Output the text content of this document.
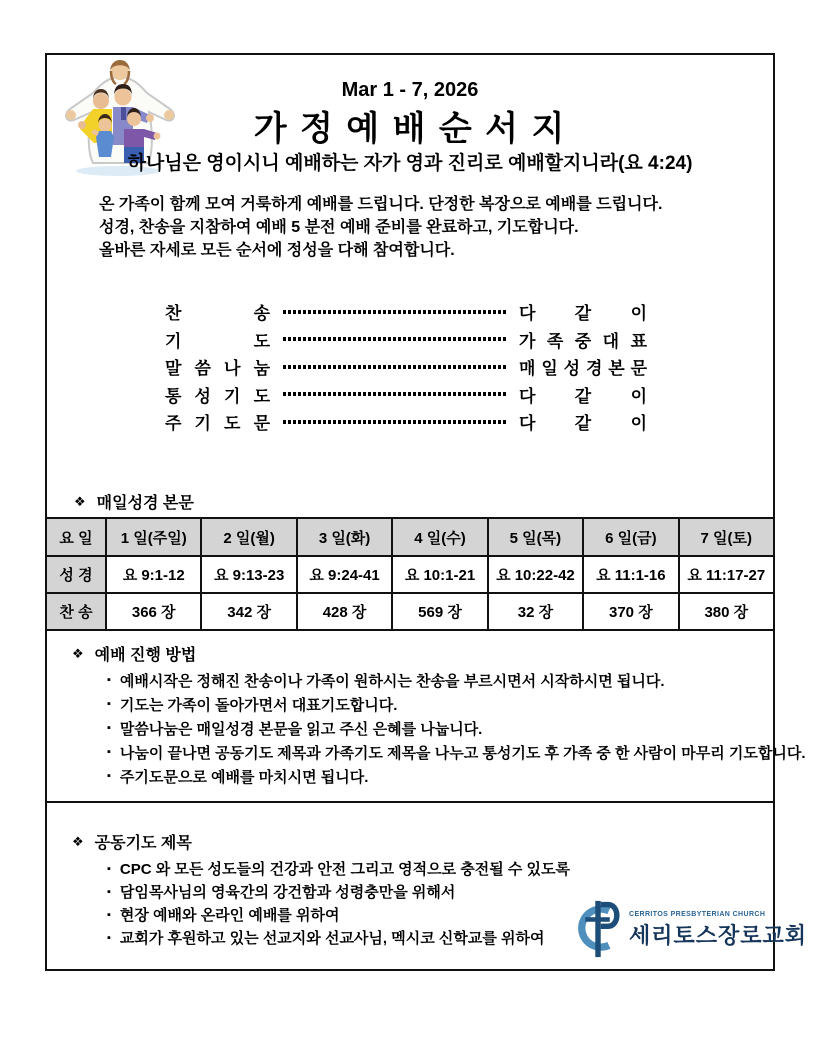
Mar 1 - 7, 2026
가 정 예 배 순 서 지
하나님은 영이시니 예배하는 자가 영과 진리로 예배할지니라(요 4:24)
온 가족이 함께 모여 거룩하게 예배를 드립니다. 단정한 복장으로 예배를 드립니다.
성경, 찬송을 지참하여 예배 5 분전 예배 준비를 완료하고, 기도합니다.
올바른 자세로 모든 순서에 정성을 다해 참여합니다.
찬 송	다 같 이
기 도	가 족 중 대 표
말 씀 나 눔	매 일 성 경 본 문
통 성 기 도	다 같 이
주 기 도 문	다 같 이
❖ 매일성경 본문
요 일	1 일(주일)	2 일(월)	3 일(화)	4 일(수)	5 일(목)	6 일(금)	7 일(토)
성 경	요 9:1-12	요 9:13-23	요 9:24-41	요 10:1-21	요 10:22-42	요 11:1-16	요 11:17-27
찬 송	366 장	342 장	428 장	569 장	32 장	370 장	380 장
❖ 예배 진행 방법
▪ 예배시작은 정해진 찬송이나 가족이 원하시는 찬송을 부르시면서 시작하시면 됩니다.
▪ 기도는 가족이 돌아가면서 대표기도합니다.
▪ 말씀나눔은 매일성경 본문을 읽고 주신 은혜를 나눕니다.
▪ 나눔이 끝나면 공동기도 제목과 가족기도 제목을 나누고 통성기도 후 가족 중 한 사람이 마무리 기도합니다.
▪ 주기도문으로 예배를 마치시면 됩니다.
❖ 공동기도 제목
▪ CPC 와 모든 성도들의 건강과 안전 그리고 영적으로 충전될 수 있도록
▪ 담임목사님의 영육간의 강건함과 성령충만을 위해서
▪ 현장 예배와 온라인 예배를 위하여
▪ 교회가 후원하고 있는 선교지와 선교사님, 멕시코 신학교를 위하여
CERRITOS PRESBYTERIAN CHURCH
세리토스장로교회
